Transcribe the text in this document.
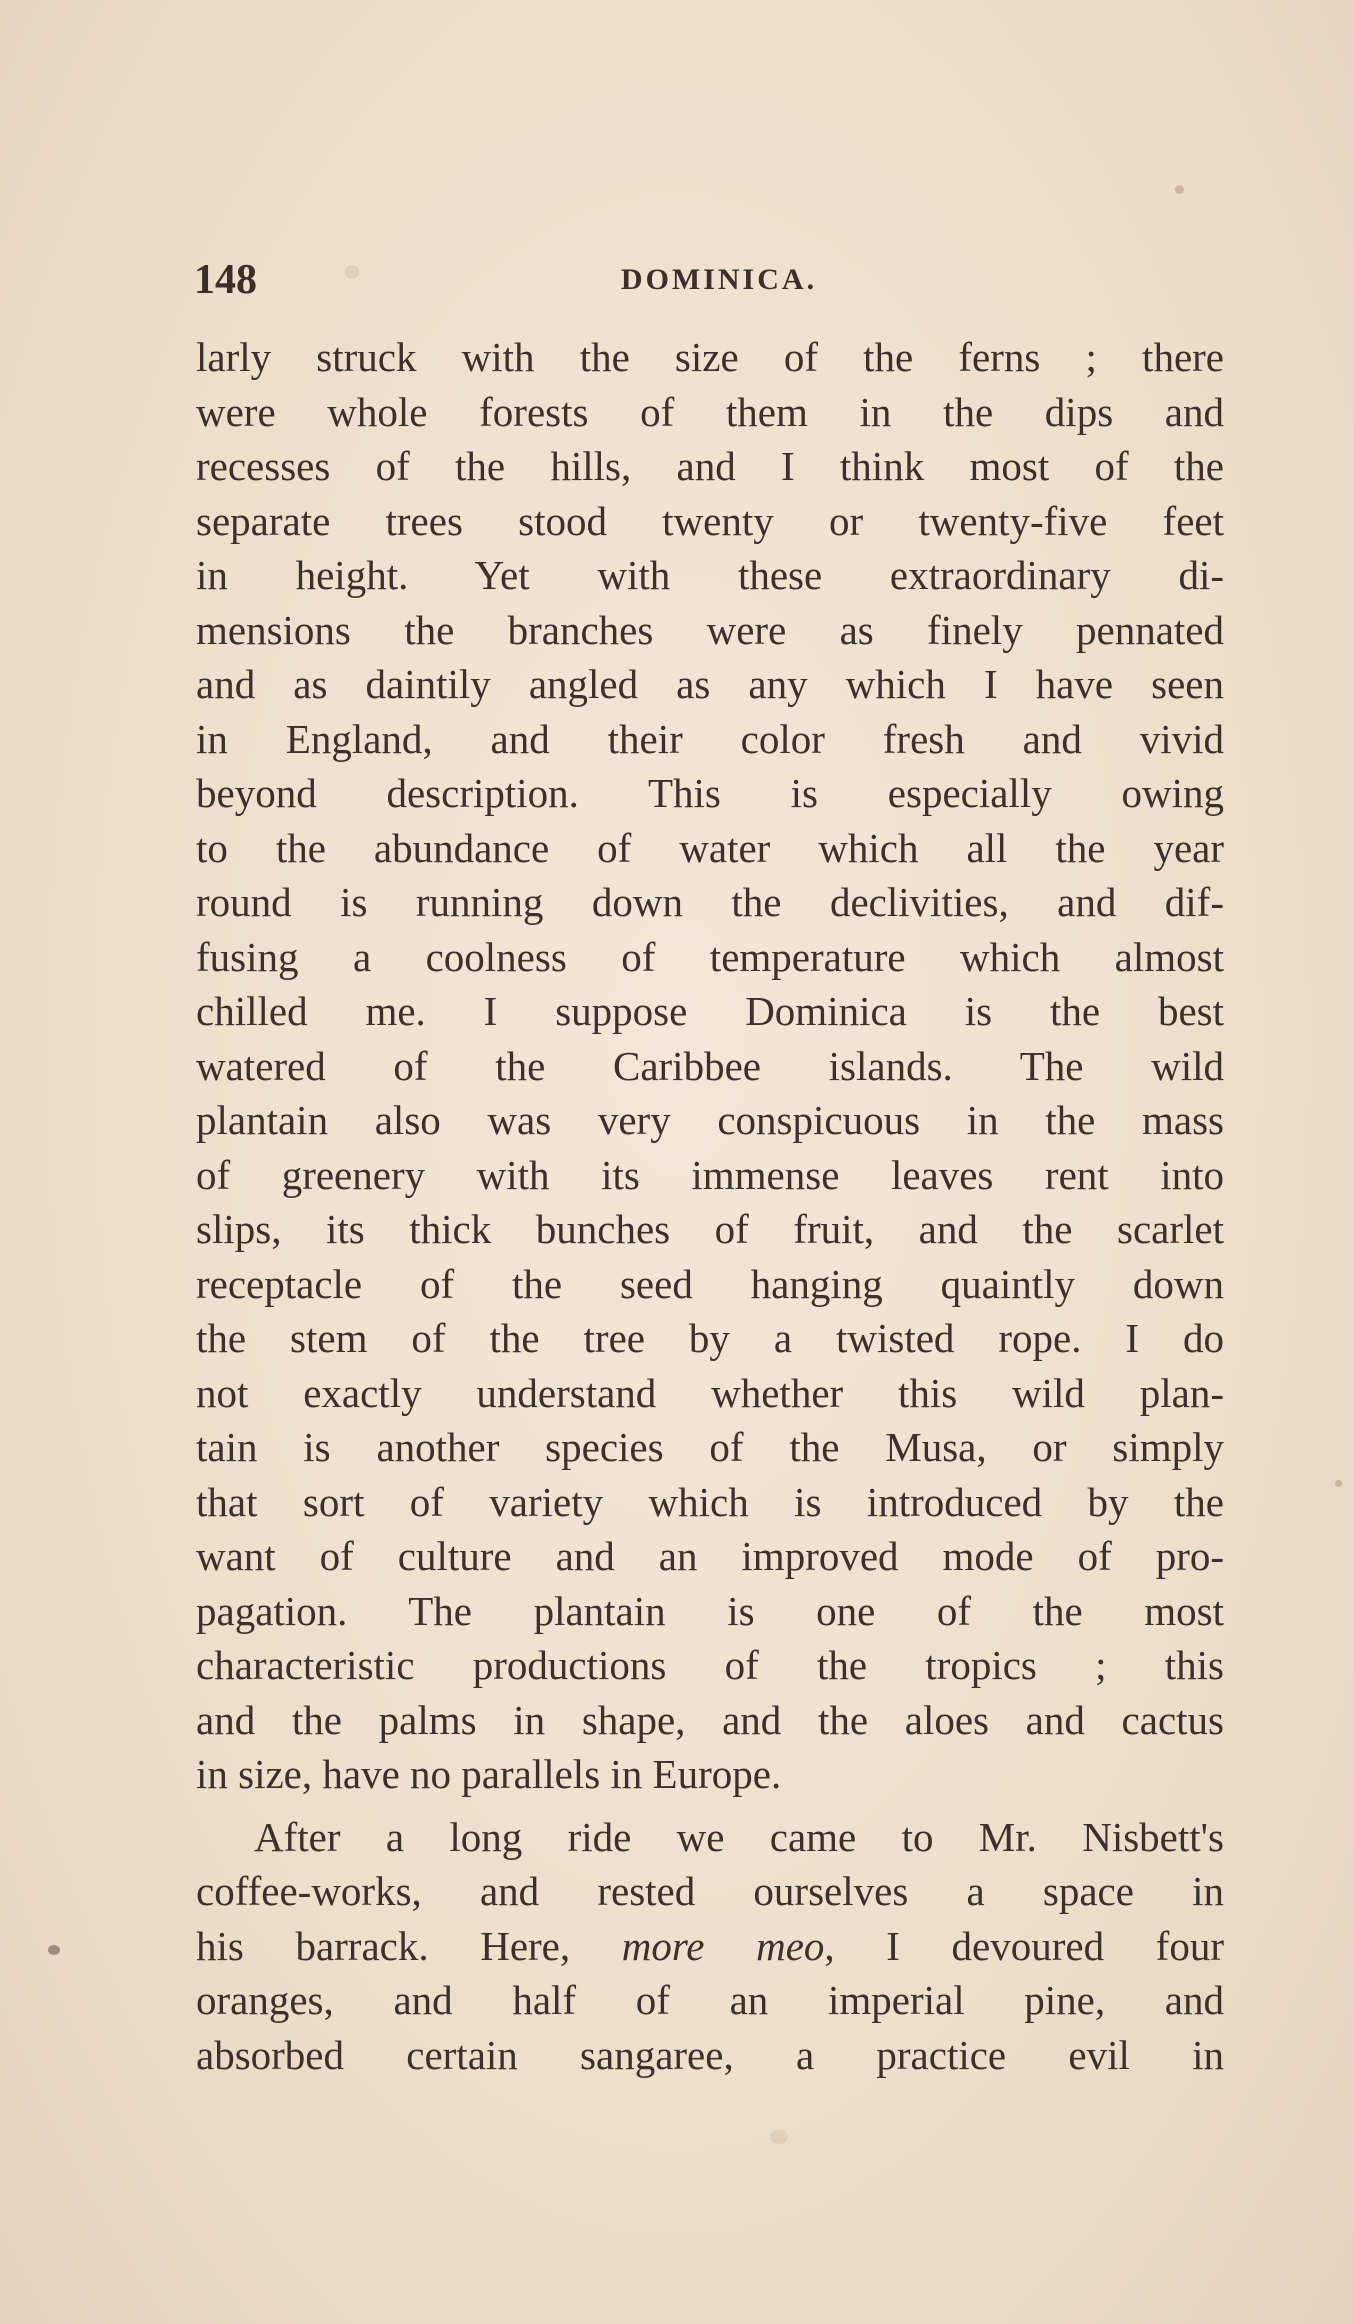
148	DOMINICA.
larly struck with the size of the ferns ; there
were whole forests of them in the dips and
recesses of the hills, and I think most of the
separate trees stood twenty or twenty-five feet
in height. Yet with these extraordinary di-
mensions the branches were as finely pennated
and as daintily angled as any which I have seen
in England, and their color fresh and vivid
beyond description. This is especially owing
to the abundance of water which all the year
round is running down the declivities, and dif-
fusing a coolness of temperature which almost
chilled me. I suppose Dominica is the best
watered of the Caribbee islands. The wild
plantain also was very conspicuous in the mass
of greenery with its immense leaves rent into
slips, its thick bunches of fruit, and the scarlet
receptacle of the seed hanging quaintly down
the stem of the tree by a twisted rope. I do
not exactly understand whether this wild plan-
tain is another species of the Musa, or simply
that sort of variety which is introduced by the
want of culture and an improved mode of pro-
pagation. The plantain is one of the most
characteristic productions of the tropics ; this
and the palms in shape, and the aloes and cactus
in size, have no parallels in Europe.
After a long ride we came to Mr. Nisbett's
coffee-works, and rested ourselves a space in
his barrack. Here, more meo, I devoured four
oranges, and half of an imperial pine, and
absorbed certain sangaree, a practice evil in
